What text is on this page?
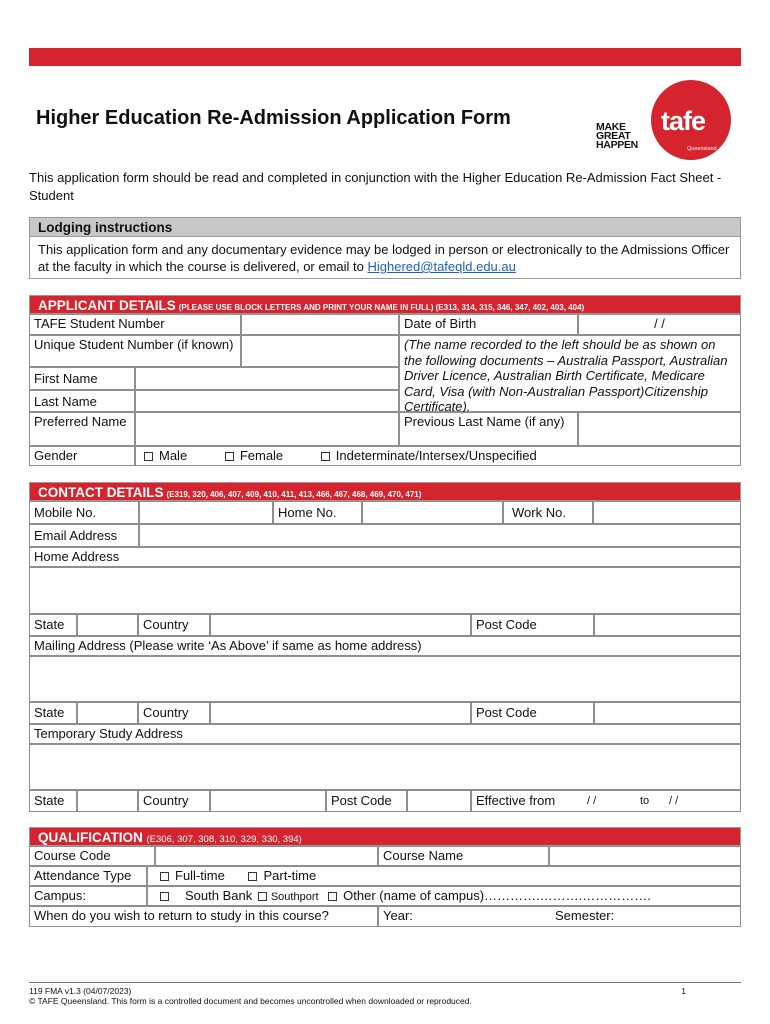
Higher Education Re-Admission Application Form	MAKE
GREAT
HAPPEN
tafe
Queensland
This application form should be read and completed in conjunction with the Higher Education Re-Admission Fact Sheet - Student
Lodging instructions
This application form and any documentary evidence may be lodged in person or electronically to the Admissions Officer at the faculty in which the course is delivered, or email to Highered@tafeqld.edu.au
APPLICANT DETAILS (PLEASE USE BLOCK LETTERS AND PRINT YOUR NAME IN FULL) (E313, 314, 315, 346, 347, 402, 403, 404)
TAFE Student Number	Date of Birth	/ /
Unique Student Number (if known)	(The name recorded to the left should be as shown on the following documents – Australia Passport, Australian Driver Licence, Australian Birth Certificate, Medicare Card, Visa (with Non-Australian Passport)Citizenship Certificate).
First Name
Last Name
Preferred Name	Previous Last Name (if any)
Gender	Male	Female	Indeterminate/Intersex/Unspecified
CONTACT DETAILS (E319, 320, 406, 407, 409, 410, 411, 413, 466, 467, 468, 469, 470, 471)
Mobile No.	Home No.	Work No.
Email Address
Home Address
State	Country	Post Code
Mailing Address (Please write ‘As Above’ if same as home address)
State	Country	Post Code
Temporary Study Address
State	Country	Post Code	Effective from	/ /	to / /
QUALIFICATION (E306, 307, 308, 310, 329, 330, 394)
Course Code	Course Name
Attendance Type	Full-time	Part-time
Campus:	South Bank Southport Other (name of campus)………….……….…………….
When do you wish to return to study in this course?	Year:	Semester:
119 FMA v1.3 (04/07/2023)
© TAFE Queensland. This form is a controlled document and becomes uncontrolled when downloaded or reproduced.
1
